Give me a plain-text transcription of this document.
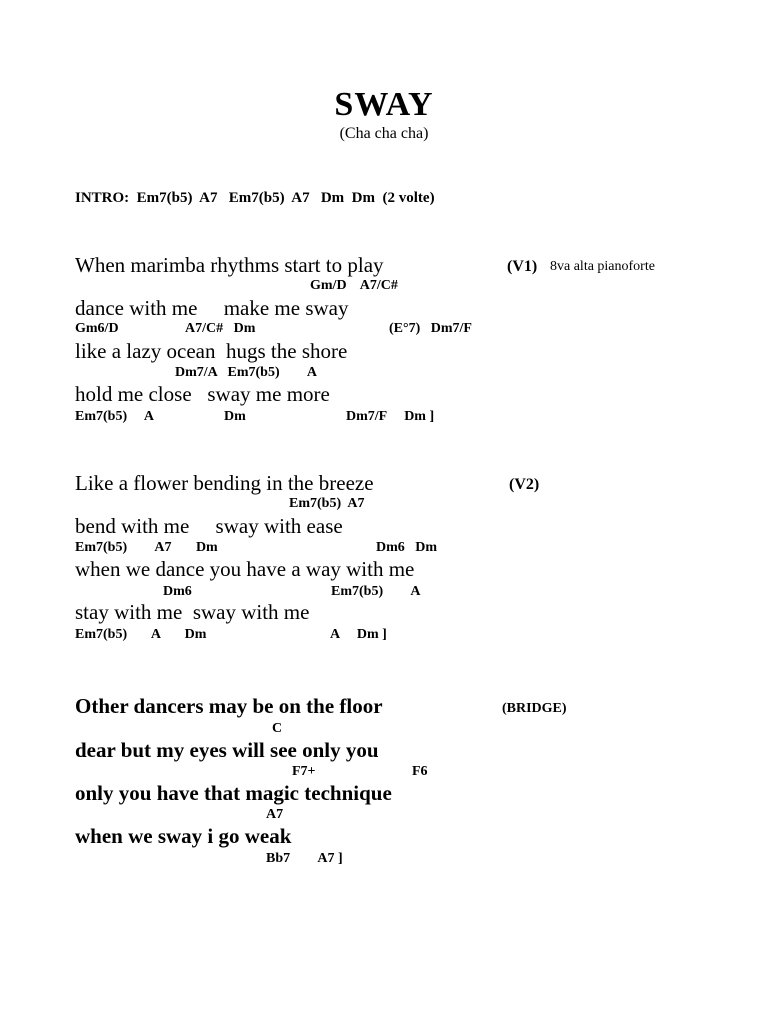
SWAY
(Cha cha cha)
INTRO:  Em7(b5)  A7   Em7(b5)  A7   Dm  Dm  (2 volte)
When marimba rhythms start to play	(V1) 8va alta pianoforte
Gm/D    A7/C#
dance with me     make me sway
Gm6/D	A7/C#   Dm	(E°7)   Dm7/F
like a lazy ocean  hugs the shore
Dm7/A   Em7(b5)        A
hold me close   sway me more
Em7(b5)     A	Dm	Dm7/F     Dm ]
Like a flower bending in the breeze	(V2)
Em7(b5)  A7
bend with me     sway with ease
Em7(b5)        A7       Dm	Dm6   Dm
when we dance you have a way with me
Dm6	Em7(b5)        A
stay with me  sway with me
Em7(b5)       A       Dm	A     Dm ]
Other dancers may be on the floor	(BRIDGE)
C
dear but my eyes will see only you
F7+	F6
only you have that magic technique
A7
when we sway i go weak
Bb7        A7 ]
